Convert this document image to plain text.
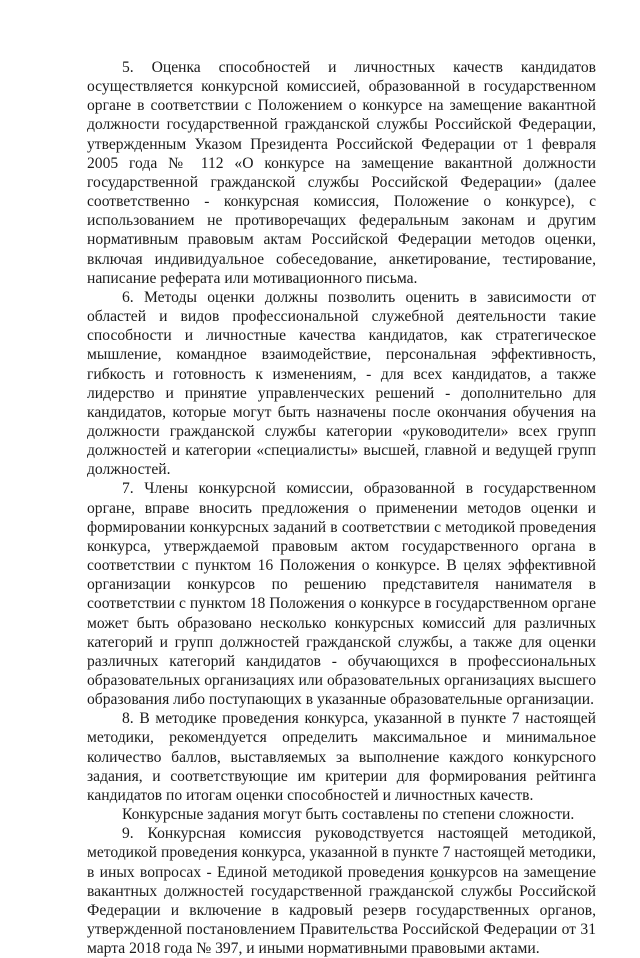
5. Оценка способностей и личностных качеств кандидатов осуществляется конкурсной комиссией, образованной в государственном органе в соответствии с Положением о конкурсе на замещение вакантной должности государственной гражданской службы Российской Федерации, утвержденным Указом Президента Российской Федерации от 1 февраля 2005 года № 112 «О конкурсе на замещение вакантной должности государственной гражданской службы Российской Федерации» (далее соответственно - конкурсная комиссия, Положение о конкурсе), с использованием не противоречащих федеральным законам и другим нормативным правовым актам Российской Федерации методов оценки, включая индивидуальное собеседование, анкетирование, тестирование, написание реферата или мотивационного письма.

6. Методы оценки должны позволить оценить в зависимости от областей и видов профессиональной служебной деятельности такие способности и личностные качества кандидатов, как стратегическое мышление, командное взаимодействие, персональная эффективность, гибкость и готовность к изменениям, - для всех кандидатов, а также лидерство и принятие управленческих решений - дополнительно для кандидатов, которые могут быть назначены после окончания обучения на должности гражданской службы категории «руководители» всех групп должностей и категории «специалисты» высшей, главной и ведущей групп должностей.

7. Члены конкурсной комиссии, образованной в государственном органе, вправе вносить предложения о применении методов оценки и формировании конкурсных заданий в соответствии с методикой проведения конкурса, утверждаемой правовым актом государственного органа в соответствии с пунктом 16 Положения о конкурсе. В целях эффективной организации конкурсов по решению представителя нанимателя в соответствии с пунктом 18 Положения о конкурсе в государственном органе может быть образовано несколько конкурсных комиссий для различных категорий и групп должностей гражданской службы, а также для оценки различных категорий кандидатов - обучающихся в профессиональных образовательных организациях или образовательных организациях высшего образования либо поступающих в указанные образовательные организации.

8. В методике проведения конкурса, указанной в пункте 7 настоящей методики, рекомендуется определить максимальное и минимальное количество баллов, выставляемых за выполнение каждого конкурсного задания, и соответствующие им критерии для формирования рейтинга кандидатов по итогам оценки способностей и личностных качеств.

Конкурсные задания могут быть составлены по степени сложности.

9. Конкурсная комиссия руководствуется настоящей методикой, методикой проведения конкурса, указанной в пункте 7 настоящей методики, в иных вопросах - Единой методикой проведения конкурсов на замещение вакантных должностей государственной гражданской службы Российской Федерации и включение в кадровый резерв государственных органов, утвержденной постановлением Правительства Российской Федерации от 31 марта 2018 года № 397, и иными нормативными правовыми актами.
